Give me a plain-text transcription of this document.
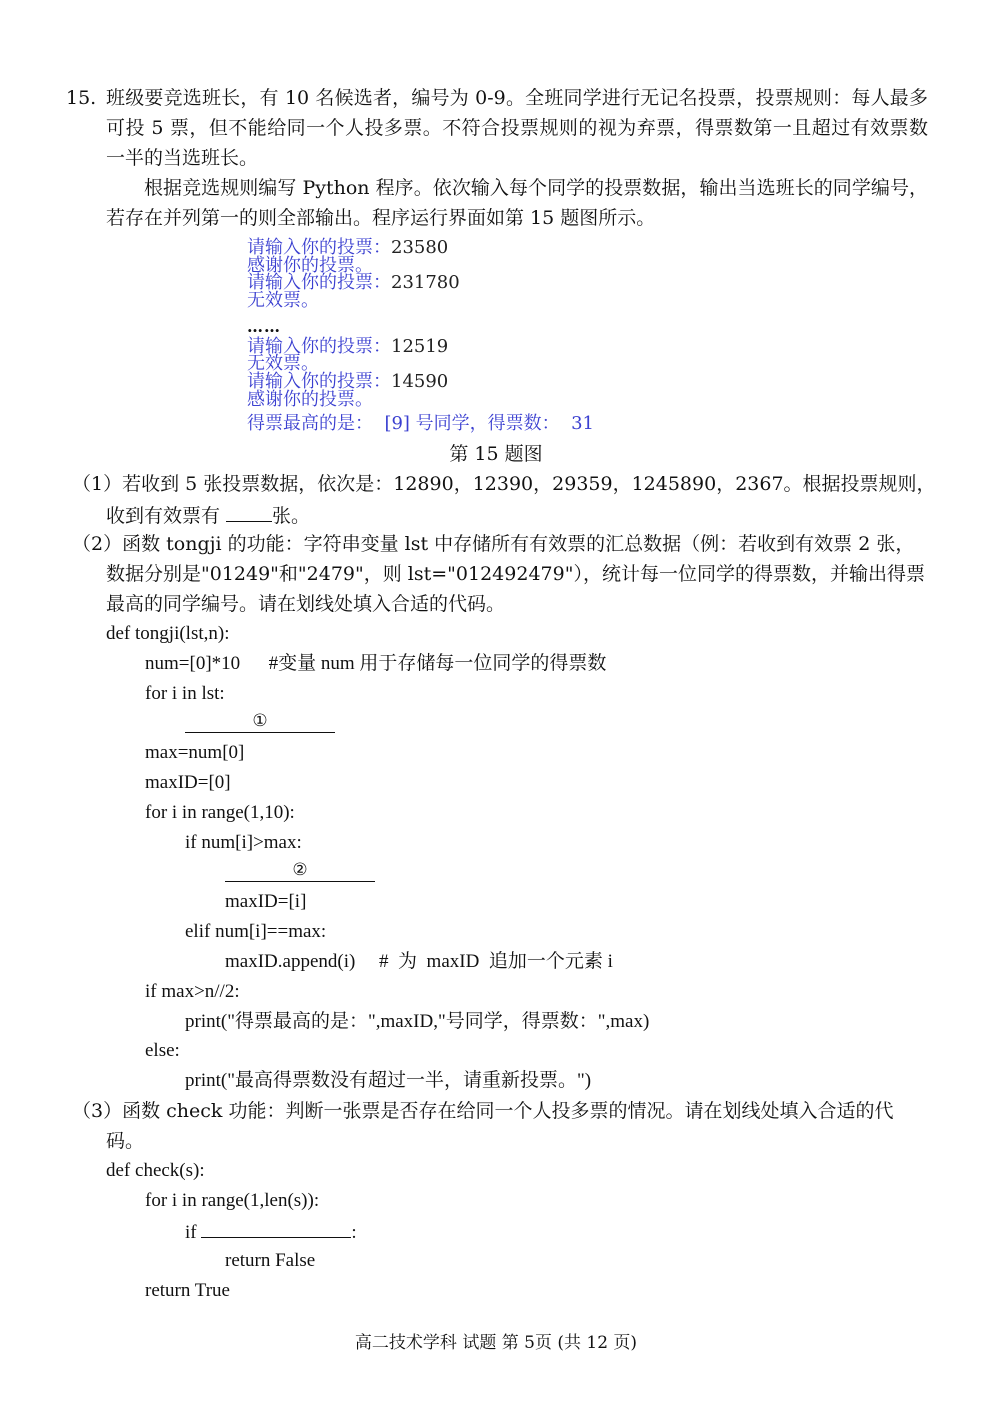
15. 班级要竞选班长，有 10 名候选者，编号为 0-9。全班同学进行无记名投票，投票规则：每人最多可投 5 票，但不能给同一个人投多票。不符合投票规则的视为弃票，得票数第一且超过有效票数一半的当选班长。
根据竞选规则编写 Python 程序。依次输入每个同学的投票数据，输出当选班长的同学编号，若存在并列第一的则全部输出。程序运行界面如第 15 题图所示。
请输入你的投票：23580
感谢你的投票。
请输入你的投票：231780
无效票。
……
请输入你的投票：12519
无效票。
请输入你的投票：14590
感谢你的投票。
得票最高的是：  [9] 号同学，得票数：  31
第 15 题图
（1）若收到 5 张投票数据，依次是：12890，12390，29359，1245890，2367。根据投票规则，
收到有效票有 张。
（2）函数 tongji 的功能：字符串变量 lst 中存储所有有效票的汇总数据（例：若收到有效票 2 张，
数据分别是"01249"和"2479"，则 lst="012492479"），统计每一位同学的得票数，并输出得票
最高的同学编号。请在划线处填入合适的代码。
def tongji(lst,n):
num=[0]*10      #变量 num 用于存储每一位同学的得票数
for i in lst:
①
max=num[0]
maxID=[0]
for i in range(1,10):
if num[i]>max:
②
maxID=[i]
elif num[i]==max:
maxID.append(i)     #  为  maxID  追加一个元素 i
if max>n//2:
print("得票最高的是：",maxID,"号同学，得票数：",max)
else:
print("最高得票数没有超过一半，请重新投票。")
（3）函数 check 功能：判断一张票是否存在给同一个人投多票的情况。请在划线处填入合适的代
码。
def check(s):
for i in range(1,len(s)):
if	:
return False
return True
高二技术学科 试题 第 5页 (共 12 页)
